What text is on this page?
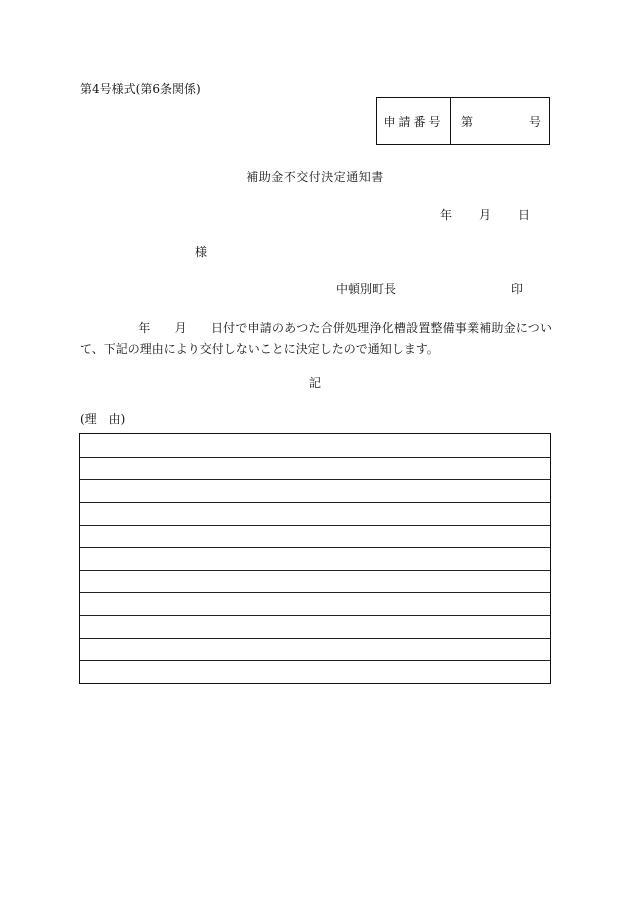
第4号様式(第6条関係)
申請番号	第	号
補助金不交付決定通知書
年 月 日
様
中頓別町長	印
年 月 日付で申請のあつた合併処理浄化槽設置整備事業補助金について、下記の理由により交付しないことに決定したので通知します。
記
(理　由)
